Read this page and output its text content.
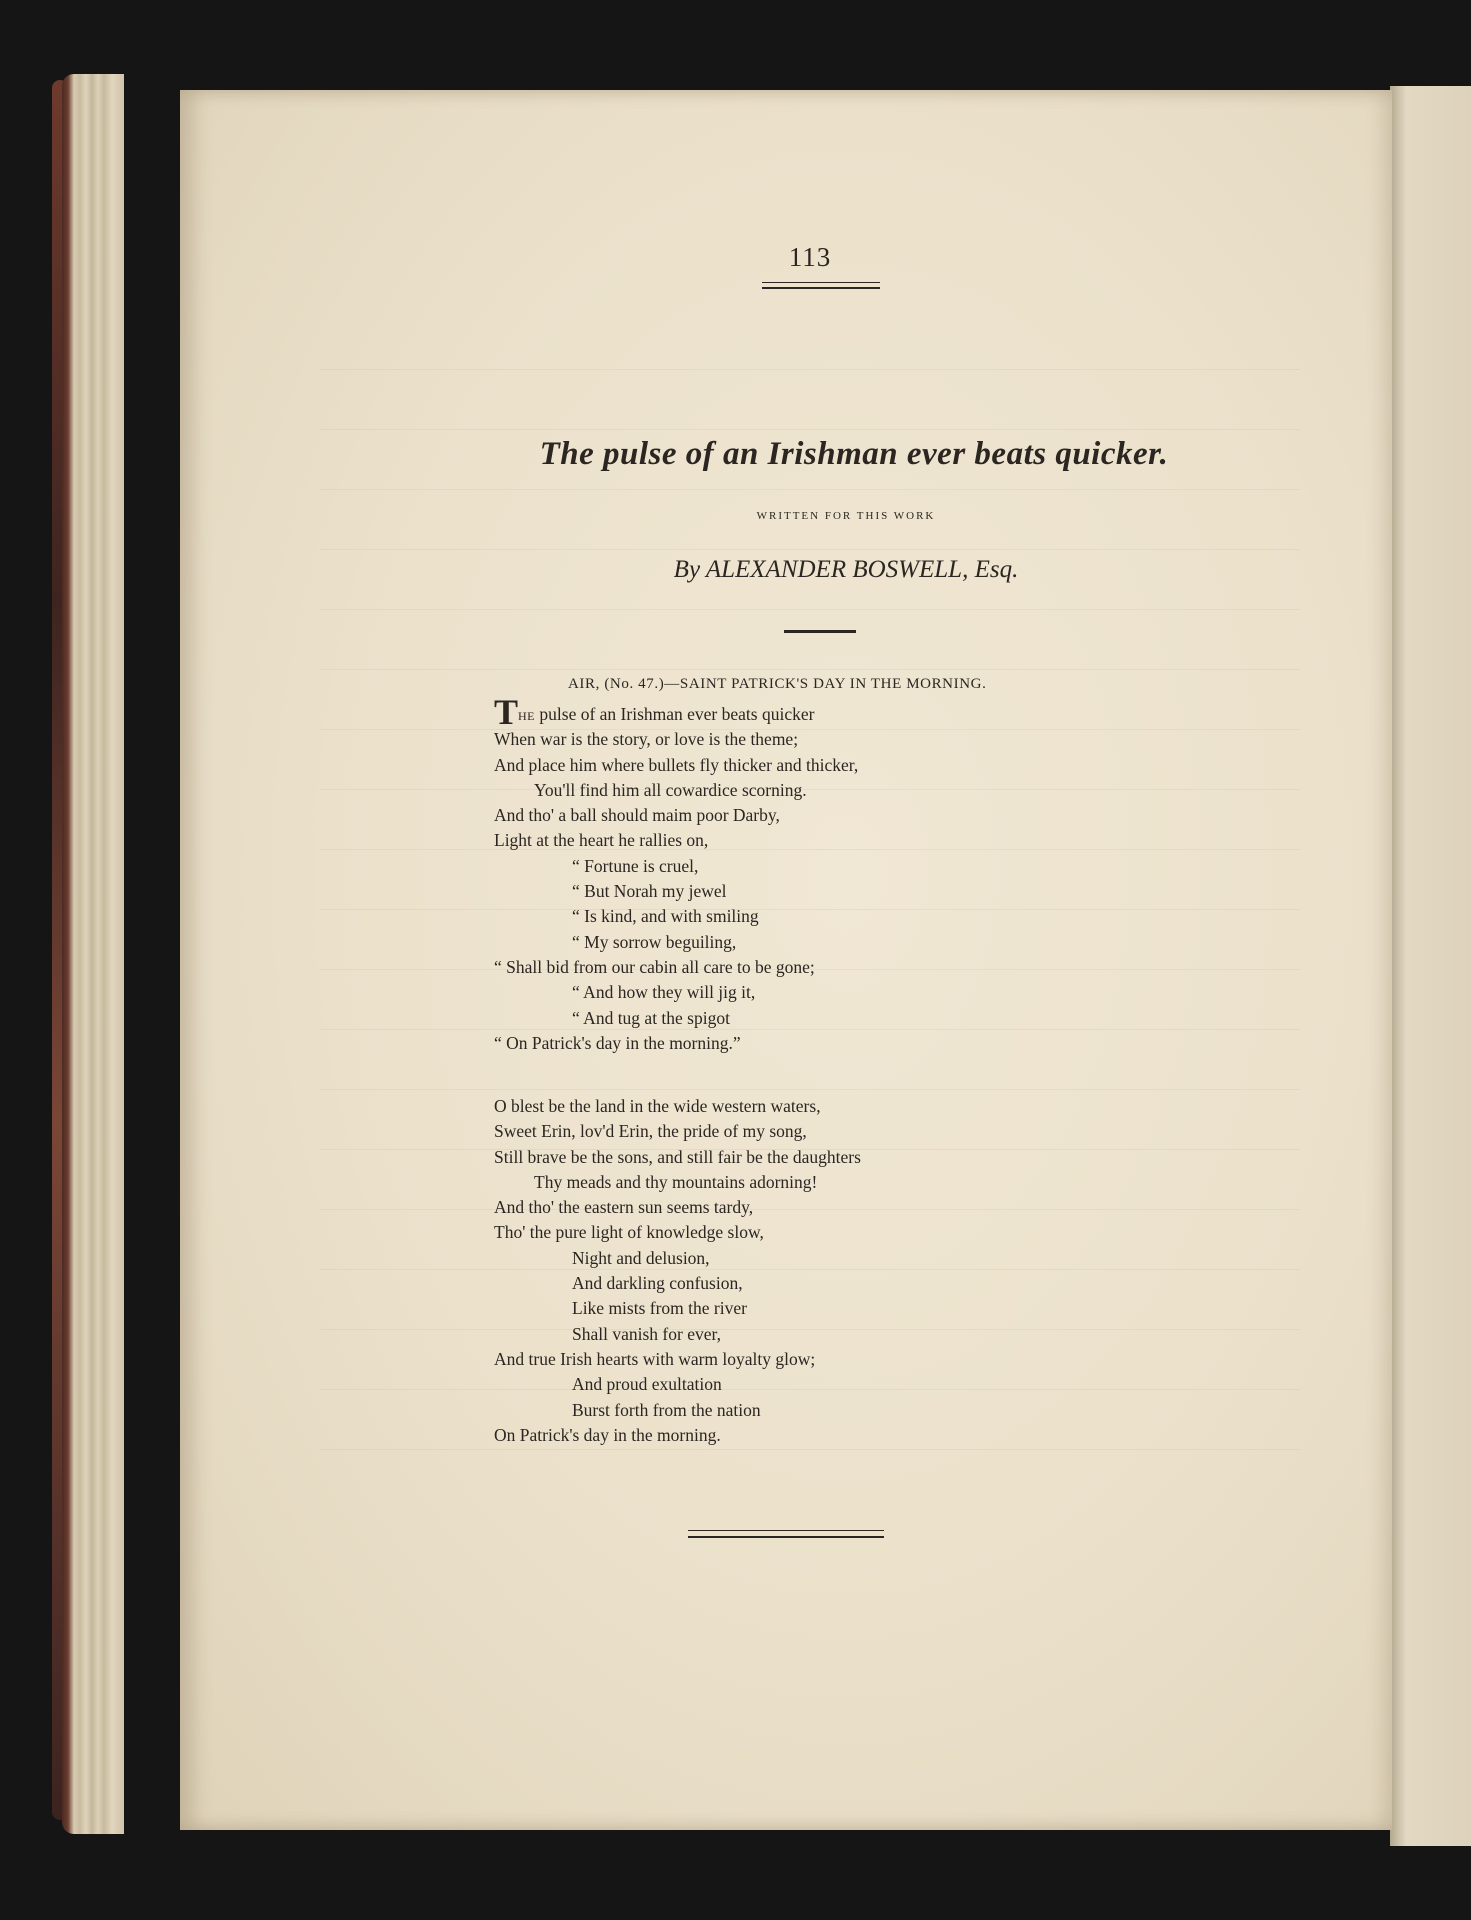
113
The pulse of an Irishman ever beats quicker.
WRITTEN FOR THIS WORK
By ALEXANDER BOSWELL, Esq.
AIR, (No. 47.)—SAINT PATRICK'S DAY IN THE MORNING.
THE pulse of an Irishman ever beats quicker
When war is the story, or love is the theme;
And place him where bullets fly thicker and thicker,
You'll find him all cowardice scorning.
And tho' a ball should maim poor Darby,
Light at the heart he rallies on,
“ Fortune is cruel,
“ But Norah my jewel
“ Is kind, and with smiling
“ My sorrow beguiling,
“ Shall bid from our cabin all care to be gone;
“ And how they will jig it,
“ And tug at the spigot
“ On Patrick's day in the morning.”
O blest be the land in the wide western waters,
Sweet Erin, lov'd Erin, the pride of my song,
Still brave be the sons, and still fair be the daughters
Thy meads and thy mountains adorning!
And tho' the eastern sun seems tardy,
Tho' the pure light of knowledge slow,
Night and delusion,
And darkling confusion,
Like mists from the river
Shall vanish for ever,
And true Irish hearts with warm loyalty glow;
And proud exultation
Burst forth from the nation
On Patrick's day in the morning.
